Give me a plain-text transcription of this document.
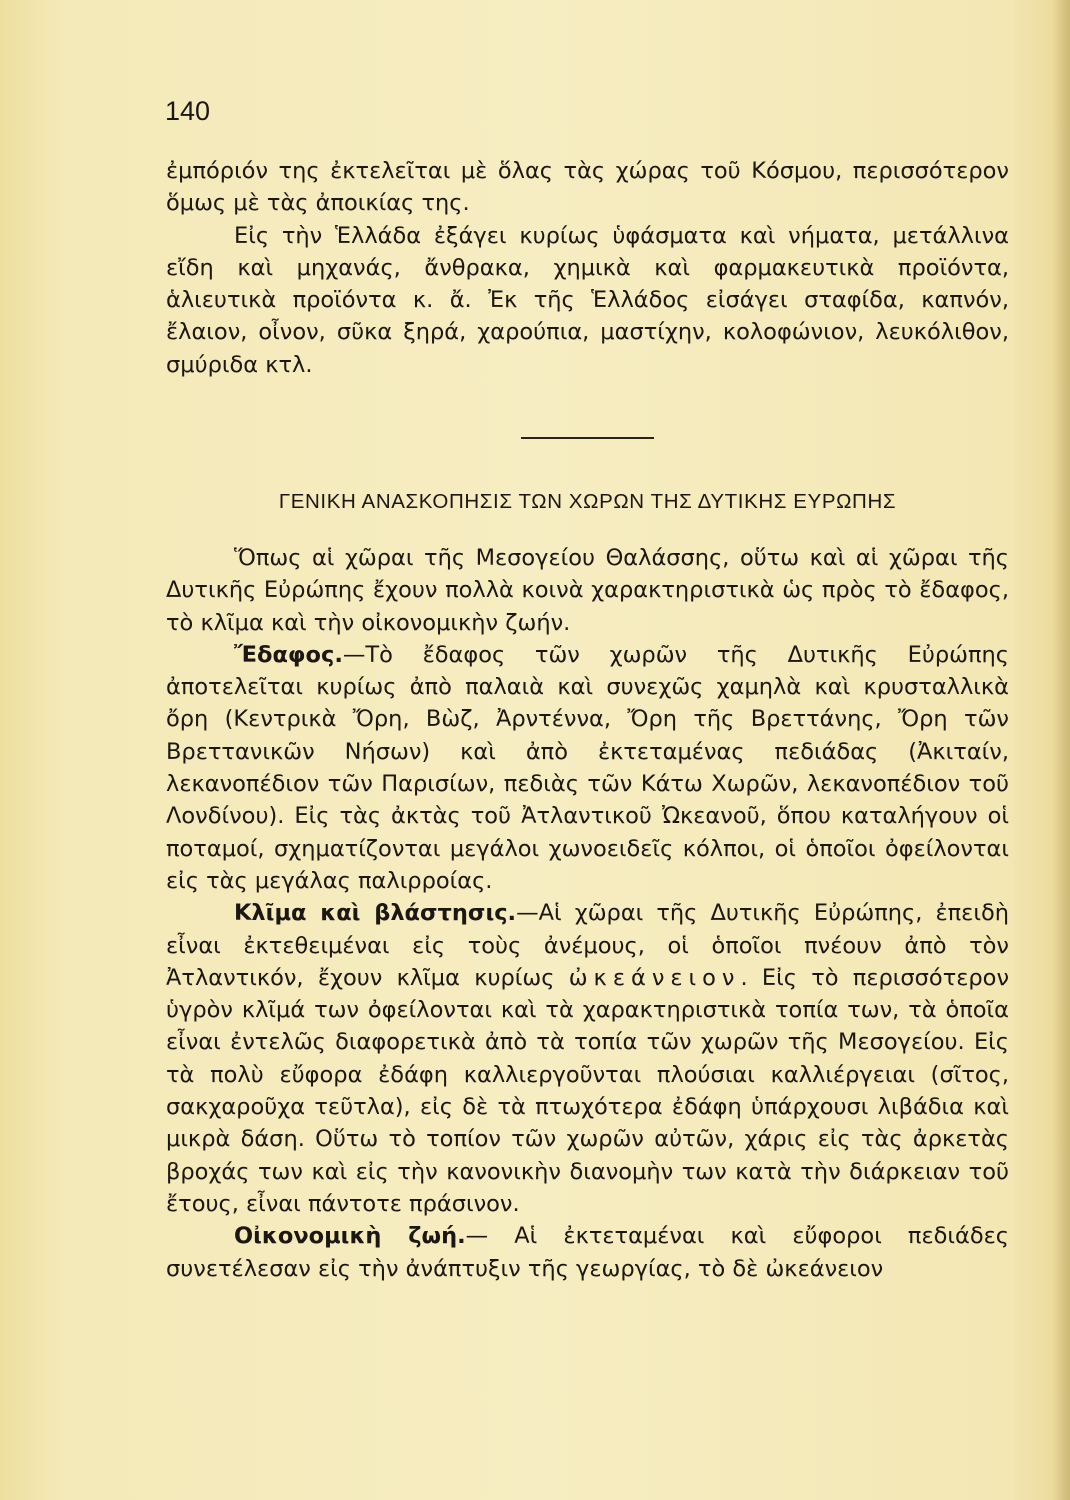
140

ἐμπόριόν της ἐκτελεῖται μὲ ὅλας τὰς χώρας τοῦ Κόσμου, περισσότερον ὅμως μὲ τὰς ἀποικίας της.

Εἰς τὴν Ἑλλάδα ἐξάγει κυρίως ὑφάσματα καὶ νήματα, μετάλλινα εἴδη καὶ μηχανάς, ἄνθρακα, χημικὰ καὶ φαρμακευτικὰ προϊόντα, ἁλιευτικὰ προϊόντα κ. ἄ. Ἐκ τῆς Ἑλλάδος εἰσάγει σταφίδα, καπνόν, ἔλαιον, οἶνον, σῦκα ξηρά, χαρούπια, μαστίχην, κολοφώνιον, λευκόλιθον, σμύριδα κτλ.

ΓΕΝΙΚΗ ΑΝΑΣΚΟΠΗΣΙΣ ΤΩΝ ΧΩΡΩΝ ΤΗΣ ΔΥΤΙΚΗΣ ΕΥΡΩΠΗΣ

Ὅπως αἱ χῶραι τῆς Μεσογείου Θαλάσσης, οὕτω καὶ αἱ χῶραι τῆς Δυτικῆς Εὐρώπης ἔχουν πολλὰ κοινὰ χαρακτηριστικὰ ὡς πρὸς τὸ ἔδαφος, τὸ κλῖμα καὶ τὴν οἰκονομικὴν ζωήν.

Ἔδαφος.—Τὸ ἔδαφος τῶν χωρῶν τῆς Δυτικῆς Εὐρώπης ἀποτελεῖται κυρίως ἀπὸ παλαιὰ καὶ συνεχῶς χαμηλὰ καὶ κρυσταλλικὰ ὄρη (Κεντρικὰ Ὄρη, Βὼζ, Ἀρντέννα, Ὄρη τῆς Βρεττάνης, Ὄρη τῶν Βρεττανικῶν Νήσων) καὶ ἀπὸ ἐκτεταμένας πεδιάδας (Ἀκιταίν, λεκανοπέδιον τῶν Παρισίων, πεδιὰς τῶν Κάτω Χωρῶν, λεκανοπέδιον τοῦ Λονδίνου). Εἰς τὰς ἀκτὰς τοῦ Ἀτλαντικοῦ Ὠκεανοῦ, ὅπου καταλήγουν οἱ ποταμοί, σχηματίζονται μεγάλοι χωνοειδεῖς κόλποι, οἱ ὁποῖοι ὀφείλονται εἰς τὰς μεγάλας παλιρροίας.

Κλῖμα καὶ βλάστησις.—Αἱ χῶραι τῆς Δυτικῆς Εὐρώπης, ἐπειδὴ εἶναι ἐκτεθειμέναι εἰς τοὺς ἀνέμους, οἱ ὁποῖοι πνέουν ἀπὸ τὸν Ἀτλαντικόν, ἔχουν κλῖμα κυρίως ὠκεάνειον. Εἰς τὸ περισσότερον ὑγρὸν κλῖμά των ὀφείλονται καὶ τὰ χαρακτηριστικὰ τοπία των, τὰ ὁποῖα εἶναι ἐντελῶς διαφορετικὰ ἀπὸ τὰ τοπία τῶν χωρῶν τῆς Μεσογείου. Εἰς τὰ πολὺ εὔφορα ἐδάφη καλλιεργοῦνται πλούσιαι καλλιέργειαι (σῖτος, σακχαροῦχα τεῦτλα), εἰς δὲ τὰ πτωχότερα ἐδάφη ὑπάρχουσι λιβάδια καὶ μικρὰ δάση. Οὕτω τὸ τοπίον τῶν χωρῶν αὐτῶν, χάρις εἰς τὰς ἀρκετὰς βροχάς των καὶ εἰς τὴν κανονικὴν διανομὴν των κατὰ τὴν διάρκειαν τοῦ ἔτους, εἶναι πάντοτε πράσινον.

Οἰκονομικὴ ζωή.— Αἱ ἐκτεταμέναι καὶ εὔφοροι πεδιάδες συνετέλεσαν εἰς τὴν ἀνάπτυξιν τῆς γεωργίας, τὸ δὲ ὠκεάνειον
